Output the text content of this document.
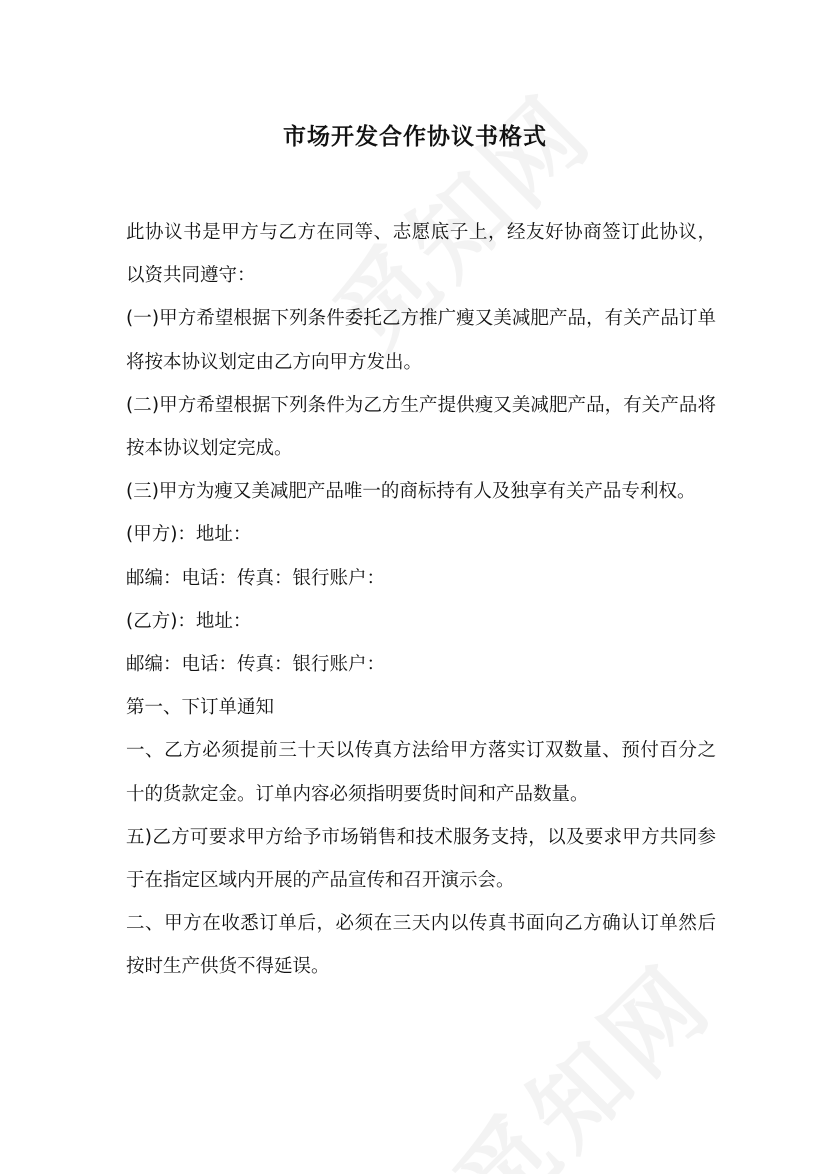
市场开发合作协议书格式

此协议书是甲方与乙方在同等、志愿底子上，经友好协商签订此协议，以资共同遵守：

(一)甲方希望根据下列条件委托乙方推广瘦又美减肥产品，有关产品订单将按本协议划定由乙方向甲方发出。

(二)甲方希望根据下列条件为乙方生产提供瘦又美减肥产品，有关产品将按本协议划定完成。

(三)甲方为瘦又美减肥产品唯一的商标持有人及独享有关产品专利权。

(甲方)：地址：

邮编：电话：传真：银行账户：

(乙方)：地址：

邮编：电话：传真：银行账户：

第一、下订单通知

一、乙方必须提前三十天以传真方法给甲方落实订双数量、预付百分之十的货款定金。订单内容必须指明要货时间和产品数量。

五)乙方可要求甲方给予市场销售和技术服务支持，以及要求甲方共同参于在指定区域内开展的产品宣传和召开演示会。

二、甲方在收悉订单后，必须在三天内以传真书面向乙方确认订单然后按时生产供货不得延误。
